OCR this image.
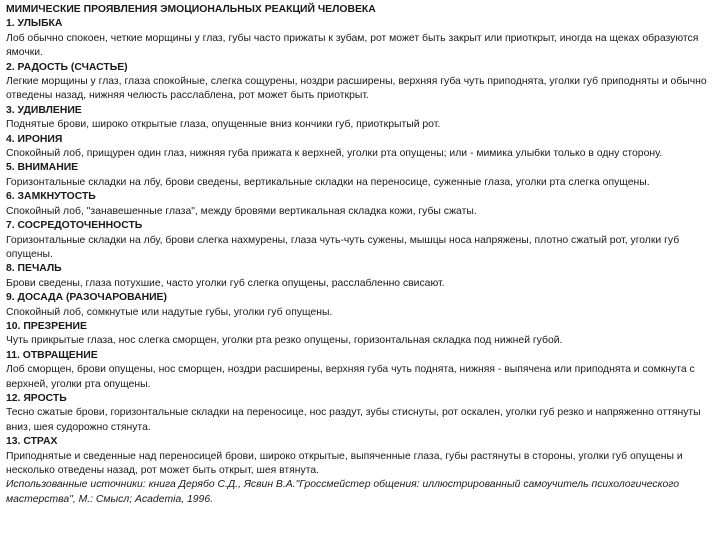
МИМИЧЕСКИЕ ПРОЯВЛЕНИЯ ЭМОЦИОНАЛЬНЫХ РЕАКЦИЙ ЧЕЛОВЕКА

1. УЛЫБКА

Лоб обычно спокоен, четкие морщины у глаз, губы часто прижаты к зубам, рот может быть закрыт или приоткрыт, иногда на щеках образуются ямочки.

2. РАДОСТЬ (СЧАСТЬЕ)

Легкие морщины у глаз, глаза спокойные, слегка сощурены, ноздри расширены, верхняя губа чуть приподнята, уголки губ приподняты и обычно отведены назад, нижняя челюсть расслаблена, рот может быть приоткрыт.

3. УДИВЛЕНИЕ

Поднятые брови, широко открытые глаза, опущенные вниз кончики губ, приоткрытый рот.

4. ИРОНИЯ

Спокойный лоб, прищурен один глаз, нижняя губа прижата к верхней, уголки рта опущены; или - мимика улыбки только в одну сторону.

5. ВНИМАНИЕ

Горизонтальные складки на лбу, брови сведены, вертикальные складки на переносице, суженные глаза, уголки рта слегка опущены.

6. ЗАМКНУТОСТЬ

Спокойный лоб, "занавешенные глаза", между бровями вертикальная складка кожи, губы сжаты.

7. СОСРЕДОТОЧЕННОСТЬ

Горизонтальные складки на лбу, брови слегка нахмурены, глаза чуть-чуть сужены, мышцы носа напряжены, плотно сжатый рот, уголки губ опущены.

8. ПЕЧАЛЬ

Брови сведены, глаза потухшие, часто уголки губ слегка опущены, расслабленно свисают.

9. ДОСАДА (РАЗОЧАРОВАНИЕ)

Спокойный лоб, сомкнутые или надутые губы, уголки губ опущены.

10. ПРЕЗРЕНИЕ

Чуть прикрытые глаза, нос слегка сморщен, уголки рта резко опущены, горизонтальная складка под нижней губой.

11. ОТВРАЩЕНИЕ

Лоб сморщен, брови опущены, нос сморщен, ноздри расширены, верхняя губа чуть поднята, нижняя - выпячена или приподнята и сомкнута с верхней, уголки рта опущены.

12. ЯРОСТЬ

Тесно сжатые брови, горизонтальные складки на переносице, нос раздут, зубы стиснуты, рот оскален, уголки губ резко и напряженно оттянуты вниз, шея судорожно стянута.

13. СТРАХ

Приподнятые и сведенные над переносицей брови, широко открытые, выпяченные глаза, губы растянуты в стороны, уголки губ опущены и несколько отведены назад, рот может быть открыт, шея втянута.

Использованные источники: книга Дерябо С.Д., Ясвин В.А."Гроссмейстер общения: иллюстрированный самоучитель психологического мастерства", М.: Смысл; Academia, 1996.
